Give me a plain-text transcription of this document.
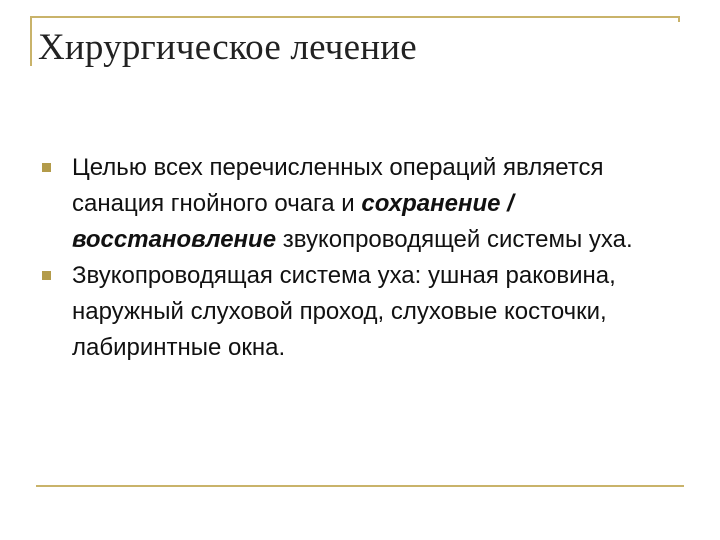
Хирургическое лечение

Целью всех перечисленных операций является санация гнойного очага и сохранение / восстановление звукопроводящей системы уха.

Звукопроводящая система уха: ушная раковина, наружный слуховой проход, слуховые косточки, лабиринтные окна.
